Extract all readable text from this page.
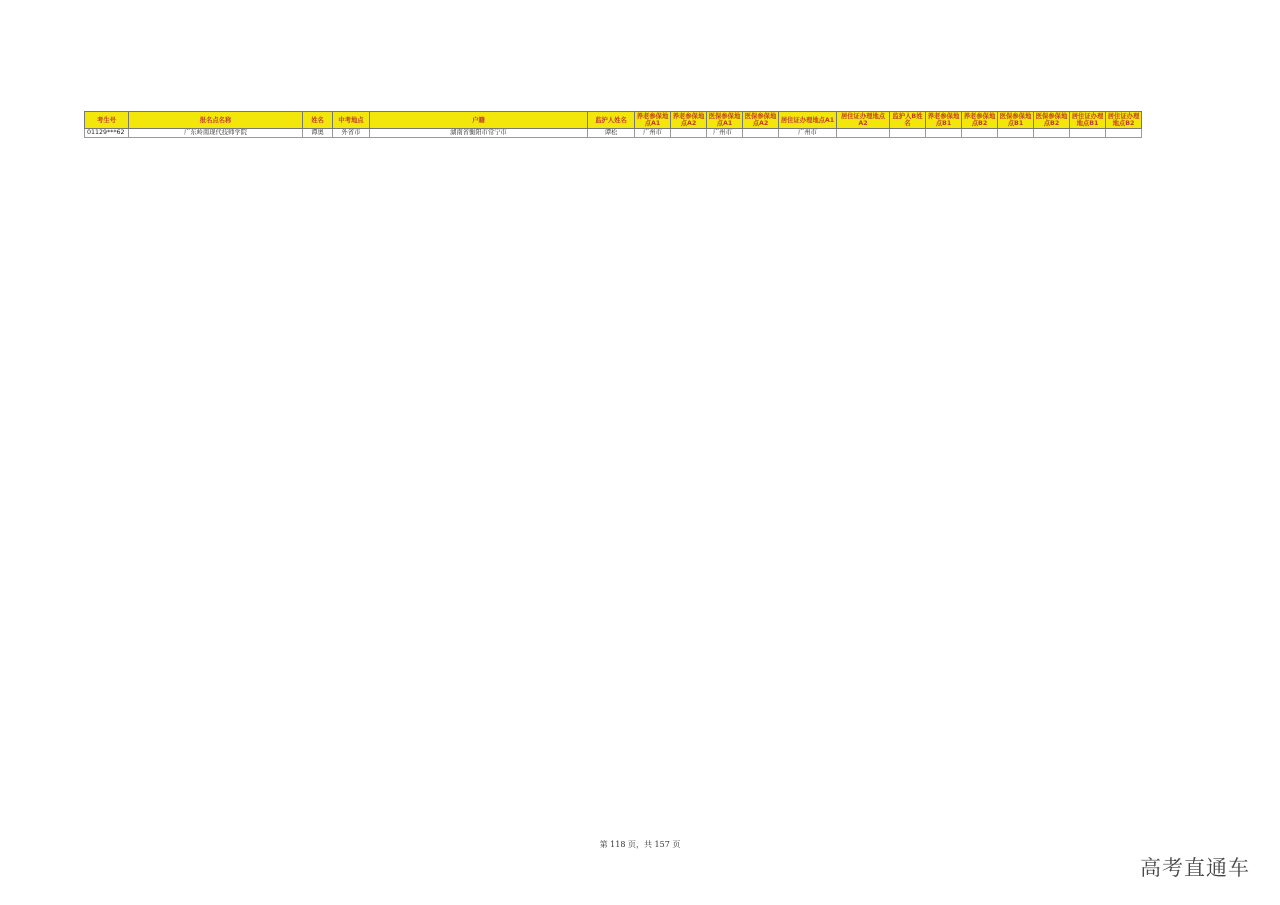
考生号	报名点名称	姓名	中考地点	户籍	监护人姓名	养老参保地点A1	养老参保地点A2	医保参保地点A1	医保参保地点A2	居住证办理地点A1	居住证办理地点A2	监护人B姓名	养老参保地点B1	养老参保地点B2	医保参保地点B1	医保参保地点B2	居住证办理地点B1	居住证办理地点B2
01129***62	广东岭南现代技师学院	谭奥	外省市	湖南省衡阳市常宁市	谭松	广州市		广州市		广州市								
第 118 页，共 157 页
高考直通车
